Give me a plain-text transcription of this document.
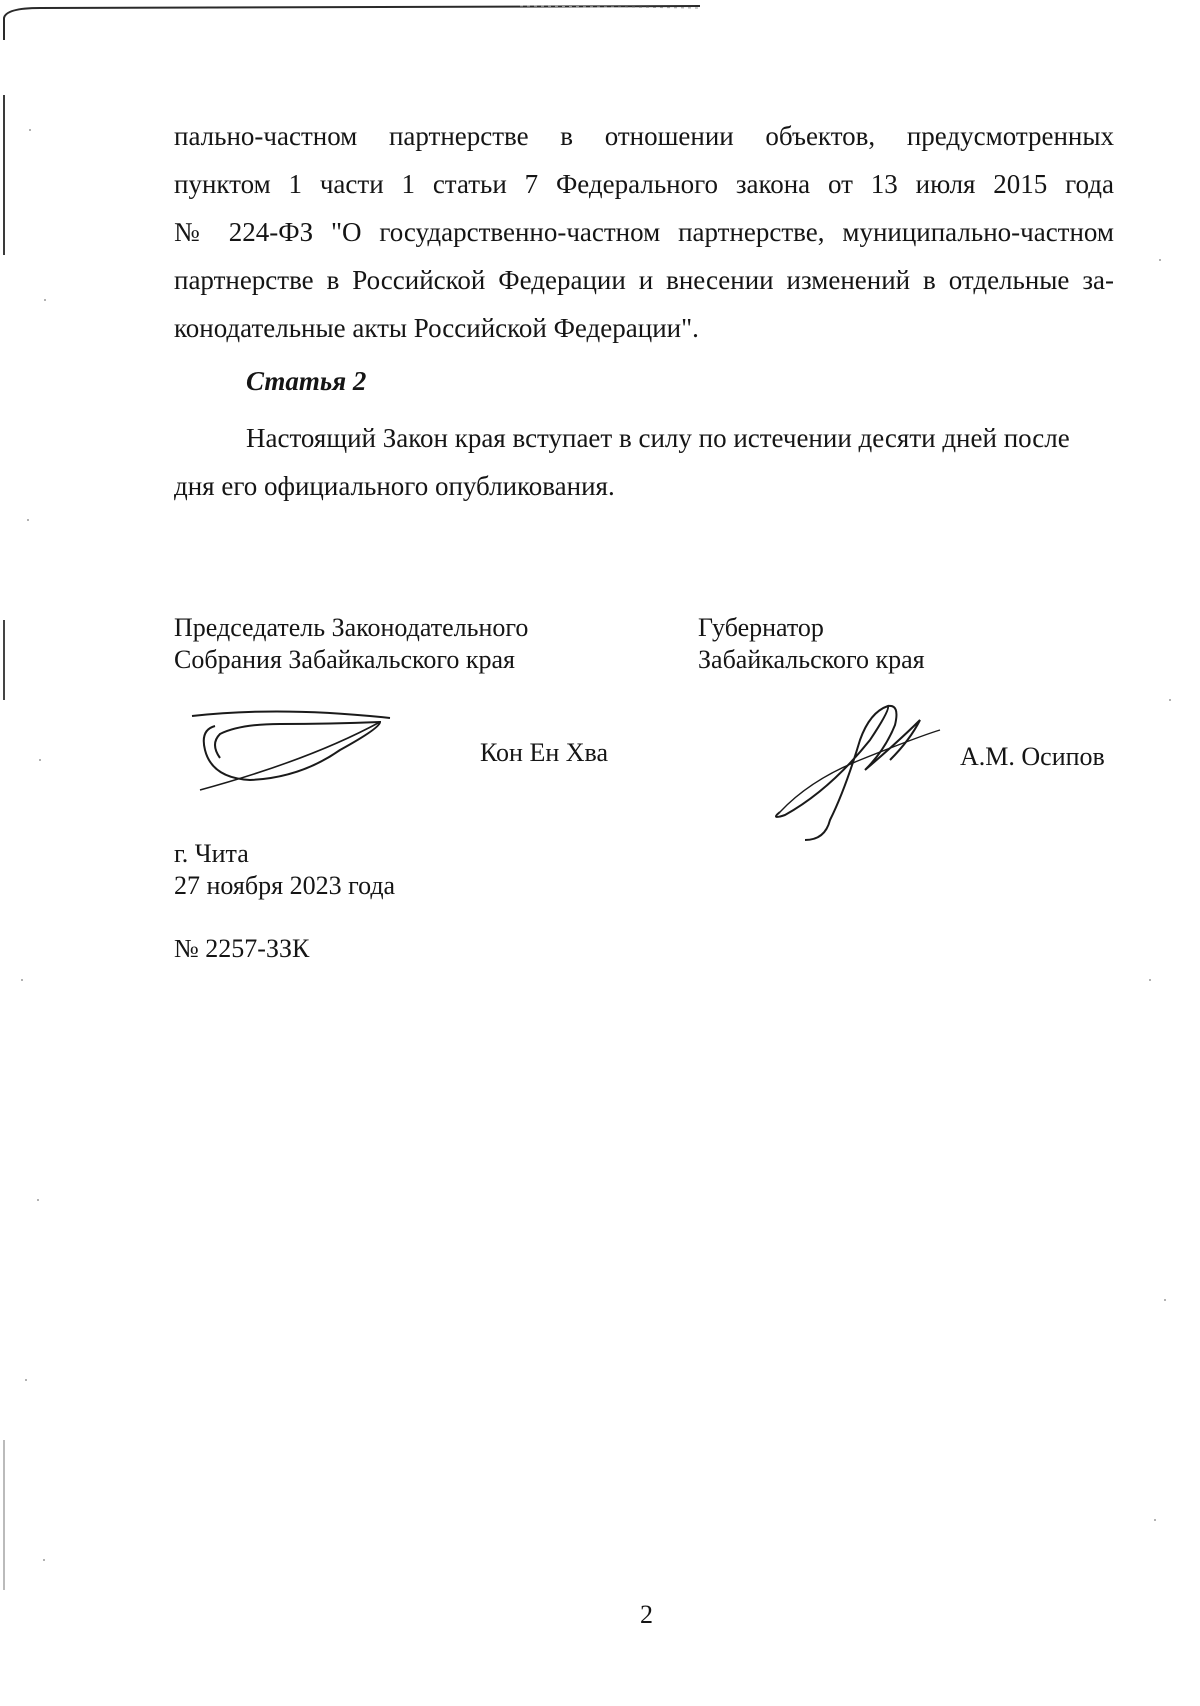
пально-частном партнерстве в отношении объектов, предусмотренных
пунктом 1 части 1 статьи 7 Федерального закона от 13 июля 2015 года
№ 224-ФЗ "О государственно-частном партнерстве, муниципально-частном
партнерстве в Российской Федерации и внесении изменений в отдельные за-
конодательные акты Российской Федерации".
Статья 2
Настоящий Закон края вступает в силу по истечении десяти дней после
дня его официального опубликования.
Председатель Законодательного
Собрания Забайкальского края
Губернатор
Забайкальского края
Кон Ен Хва	А.М. Осипов
г. Чита
27 ноября 2023 года
№ 2257-ЗЗК
2
